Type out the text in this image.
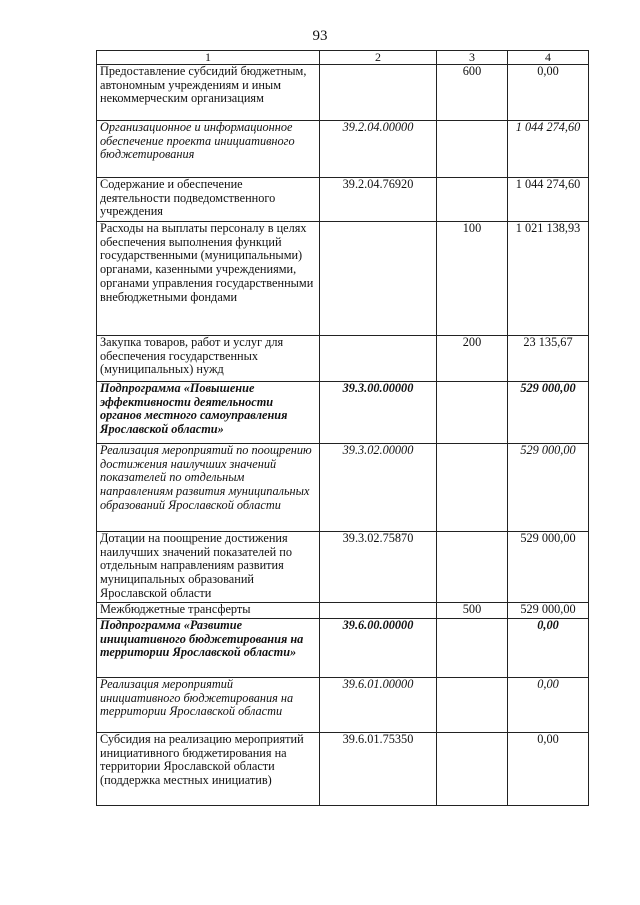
93
1	2	3	4
Предоставление субсидий бюджетным, автономным учреждениям и иным некоммерческим организациям		600	0,00
Организационное и информационное обеспечение проекта инициативного бюджетирования	39.2.04.00000		1 044 274,60
Содержание и обеспечение деятельности подведомственного учреждения	39.2.04.76920		1 044 274,60
Расходы на выплаты персоналу в целях обеспечения выполнения функций государственными (муниципальными) органами, казенными учреждениями, органами управления государственными внебюджетными фондами		100	1 021 138,93
Закупка товаров, работ и услуг для обеспечения государственных (муниципальных) нужд		200	23 135,67
Подпрограмма «Повышение эффективности деятельности органов местного самоуправления Ярославской области»	39.3.00.00000		529 000,00
Реализация мероприятий по поощрению достижения наилучших значений показателей по отдельным направлениям развития муниципальных образований Ярославской области	39.3.02.00000		529 000,00
Дотации на поощрение достижения наилучших значений показателей по отдельным направлениям развития муниципальных образований Ярославской области	39.3.02.75870		529 000,00
Межбюджетные трансферты		500	529 000,00
Подпрограмма «Развитие инициативного бюджетирования на территории Ярославской области»	39.6.00.00000		0,00
Реализация мероприятий инициативного бюджетирования на территории Ярославской области	39.6.01.00000		0,00
Субсидия на реализацию мероприятий инициативного бюджетирования на территории Ярославской области (поддержка местных инициатив)	39.6.01.75350		0,00
